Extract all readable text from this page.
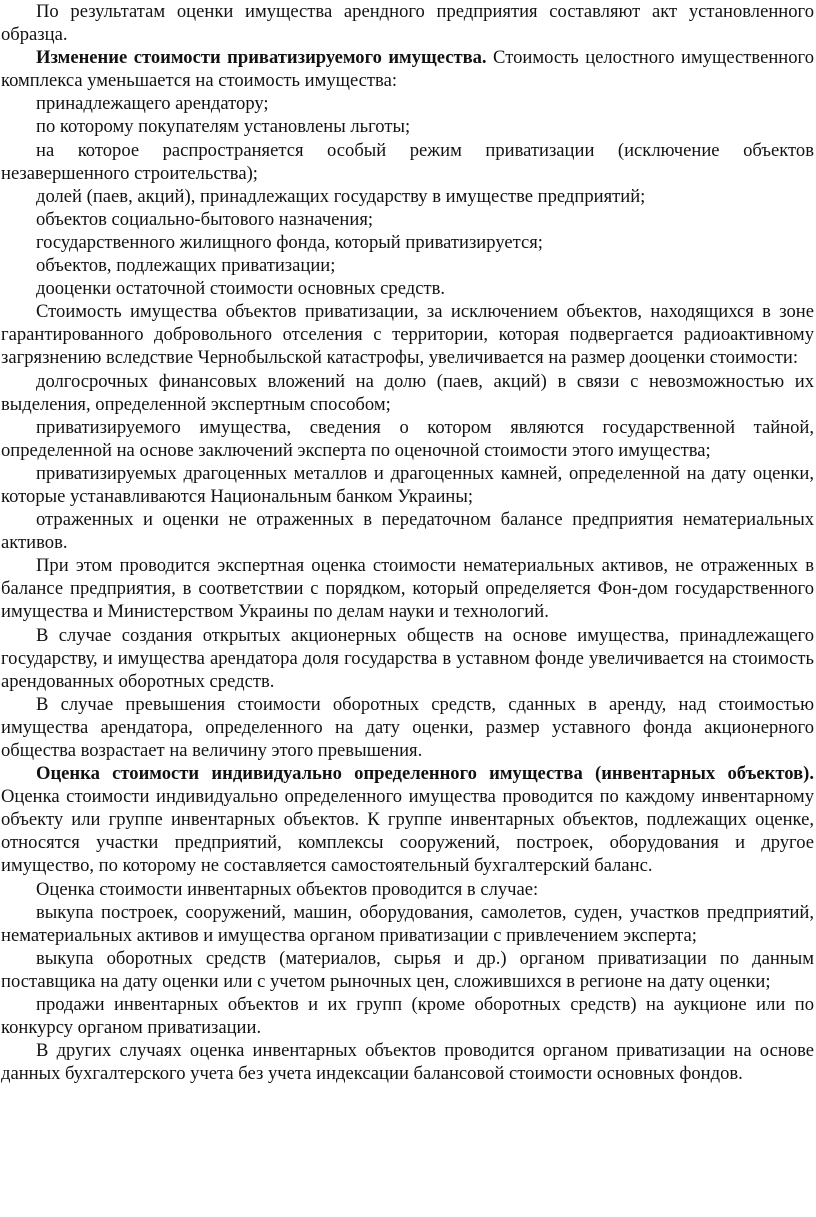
По результатам оценки имущества арендного предприятия составляют акт установленного образца.

Изменение стоимости приватизируемого имущества. Стоимость целостного имущественного комплекса уменьшается на стоимость имущества:

принадлежащего арендатору;

по которому покупателям установлены льготы;

на которое распространяется особый режим приватизации (исключение объектов незавершенного строительства);

долей (паев, акций), принадлежащих государству в имуществе предприятий;

объектов социально-бытового назначения;

государственного жилищного фонда, который приватизируется;

объектов, подлежащих приватизации;

дооценки остаточной стоимости основных средств.

Стоимость имущества объектов приватизации, за исключением объектов, находящихся в зоне гарантированного добровольного отселения с территории, которая подвергается радиоактивному загрязнению вследствие Чернобыльской катастрофы, увеличивается на размер дооценки стоимости:

долгосрочных финансовых вложений на долю (паев, акций) в связи с невозможностью их выделения, определенной экспертным способом;

приватизируемого имущества, сведения о котором являются государственной тайной, определенной на основе заключений эксперта по оценочной стоимости этого имущества;

приватизируемых драгоценных металлов и драгоценных камней, определенной на дату оценки, которые устанавливаются Национальным банком Украины;

отраженных и оценки не отраженных в передаточном балансе предприятия нематериальных активов.

При этом проводится экспертная оценка стоимости нематериальных активов, не отраженных в балансе предприятия, в соответствии с порядком, который определяется Фон-дом государственного имущества и Министерством Украины по делам науки и технологий.

В случае создания открытых акционерных обществ на основе имущества, принадлежащего государству, и имущества арендатора доля государства в уставном фонде увеличивается на стоимость арендованных оборотных средств.

В случае превышения стоимости оборотных средств, сданных в аренду, над стоимостью имущества арендатора, определенного на дату оценки, размер уставного фонда акционерного общества возрастает на величину этого превышения.

Оценка стоимости индивидуально определенного имущества (инвентарных объектов). Оценка стоимости индивидуально определенного имущества проводится по каждому инвентарному объекту или группе инвентарных объектов. К группе инвентарных объектов, подлежащих оценке, относятся участки предприятий, комплексы сооружений, построек, оборудования и другое имущество, по которому не составляется самостоятельный бухгалтерский баланс.

Оценка стоимости инвентарных объектов проводится в случае:

выкупа построек, сооружений, машин, оборудования, самолетов, суден, участков предприятий, нематериальных активов и имущества органом приватизации с привлечением эксперта;

выкупа оборотных средств (материалов, сырья и др.) органом приватизации по данным поставщика на дату оценки или с учетом рыночных цен, сложившихся в регионе на дату оценки;

продажи инвентарных объектов и их групп (кроме оборотных средств) на аукционе или по конкурсу органом приватизации.

В других случаях оценка инвентарных объектов проводится органом приватизации на основе данных бухгалтерского учета без учета индексации балансовой стоимости основных фондов.
